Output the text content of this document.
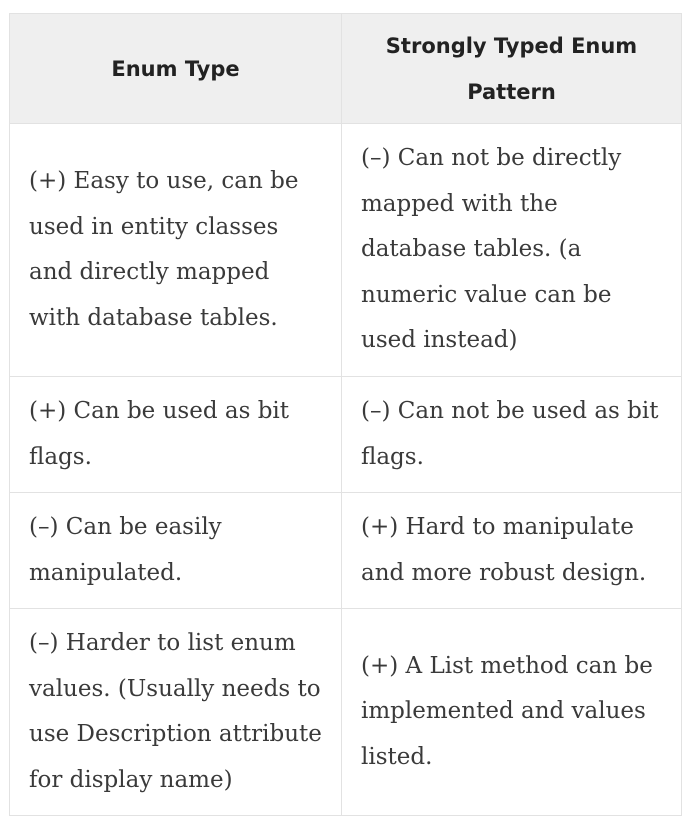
Enum Type	Strongly Typed Enum Pattern
(+) Easy to use, can be used in entity classes and directly mapped with database tables.	(–) Can not be directly mapped with the database tables. (a numeric value can be used instead)
(+) Can be used as bit flags.	(–) Can not be used as bit flags.
(–) Can be easily manipulated.	(+) Hard to manipulate and more robust design.
(–) Harder to list enum values. (Usually needs to use Description attribute for display name)	(+) A List method can be implemented and values listed.
